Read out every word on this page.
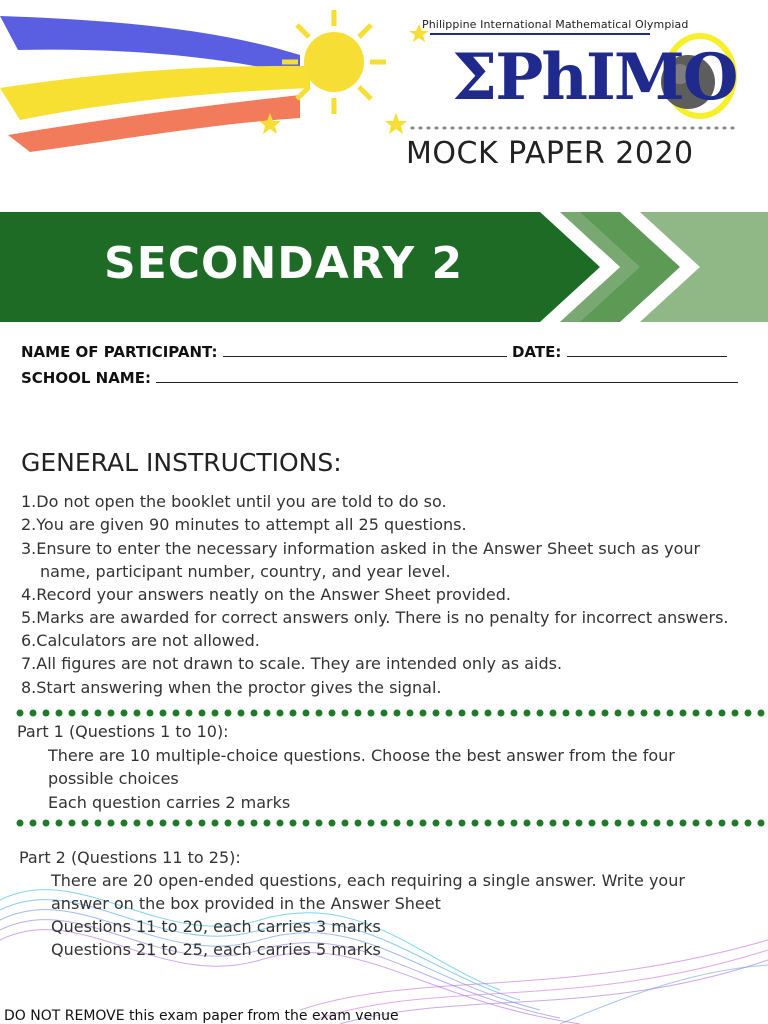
Philippine International Mathematical Olympiad
ΣPhIMO
MOCK PAPER 2020
SECONDARY 2
NAME OF PARTICIPANT:	DATE:
SCHOOL NAME:
GENERAL INSTRUCTIONS:
1.Do not open the booklet until you are told to do so.
2.You are given 90 minutes to attempt all 25 questions.
3.Ensure to enter the necessary information asked in the Answer Sheet such as your
name, participant number, country, and year level.
4.Record your answers neatly on the Answer Sheet provided.
5.Marks are awarded for correct answers only. There is no penalty for incorrect answers.
6.Calculators are not allowed.
7.All figures are not drawn to scale. They are intended only as aids.
8.Start answering when the proctor gives the signal.
Part 1 (Questions 1 to 10):
There are 10 multiple-choice questions. Choose the best answer from the four
possible choices
Each question carries 2 marks
Part 2 (Questions 11 to 25):
There are 20 open-ended questions, each requiring a single answer. Write your
answer on the box provided in the Answer Sheet
Questions 11 to 20, each carries 3 marks
Questions 21 to 25, each carries 5 marks
DO NOT REMOVE this exam paper from the exam venue
